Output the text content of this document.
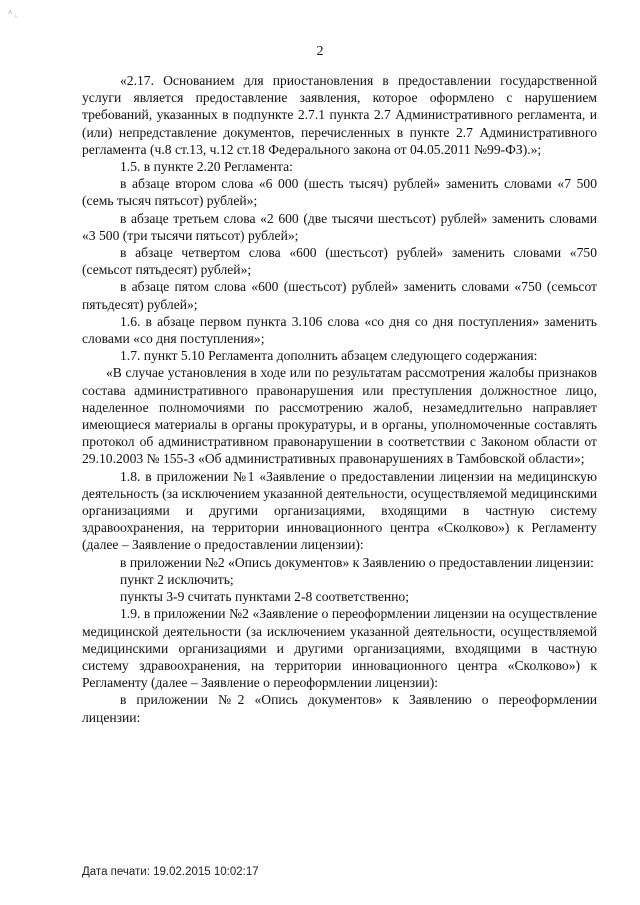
˄ ˏ
2

«2.17. Основанием для приостановления в предоставлении государственной услуги является предоставление заявления, которое оформлено с нарушением требований, указанных в подпункте 2.7.1 пункта 2.7 Административного регламента, и (или) непредставление документов, перечисленных в пункте 2.7 Административного регламента (ч.8 ст.13, ч.12 ст.18 Федерального закона от 04.05.2011 №99-ФЗ).»;

1.5. в пункте 2.20 Регламента:

в абзаце втором слова «6 000 (шесть тысяч) рублей» заменить словами «7 500 (семь тысяч пятьсот) рублей»;

в абзаце третьем слова «2 600 (две тысячи шестьсот) рублей» заменить словами «3 500 (три тысячи пятьсот) рублей»;

в абзаце четвертом слова «600 (шестьсот) рублей» заменить словами «750 (семьсот пятьдесят) рублей»;

в абзаце пятом слова «600 (шестьсот) рублей» заменить словами «750 (семьсот пятьдесят) рублей»;

1.6. в абзаце первом пункта 3.106 слова «со дня со дня поступления» заменить словами «со дня поступления»;

1.7. пункт 5.10 Регламента дополнить абзацем следующего содержания:

«В случае установления в ходе или по результатам рассмотрения жалобы признаков состава административного правонарушения или преступления должностное лицо, наделенное полномочиями по рассмотрению жалоб, незамедлительно направляет имеющиеся материалы в органы прокуратуры, и в органы, уполномоченные составлять протокол об административном правонарушении в соответствии с Законом области от 29.10.2003 № 155-З «Об административных правонарушениях в Тамбовской области»;

1.8. в приложении №1 «Заявление о предоставлении лицензии на медицинскую деятельность (за исключением указанной деятельности, осуществляемой медицинскими организациями и другими организациями, входящими в частную систему здравоохранения, на территории инновационного центра «Сколково») к Регламенту (далее – Заявление о предоставлении лицензии):

в приложении №2 «Опись документов» к Заявлению о предоставлении лицензии:

пункт 2 исключить;

пункты 3-9 считать пунктами 2-8 соответственно;

1.9. в приложении №2 «Заявление о переоформлении лицензии на осуществление медицинской деятельности (за исключением указанной деятельности, осуществляемой медицинскими организациями и другими организациями, входящими в частную систему здравоохранения, на территории инновационного центра «Сколково») к Регламенту (далее – Заявление о переоформлении лицензии):

в приложении №2 «Опись документов» к Заявлению о переоформлении лицензии:

Дата печати: 19.02.2015 10:02:17
